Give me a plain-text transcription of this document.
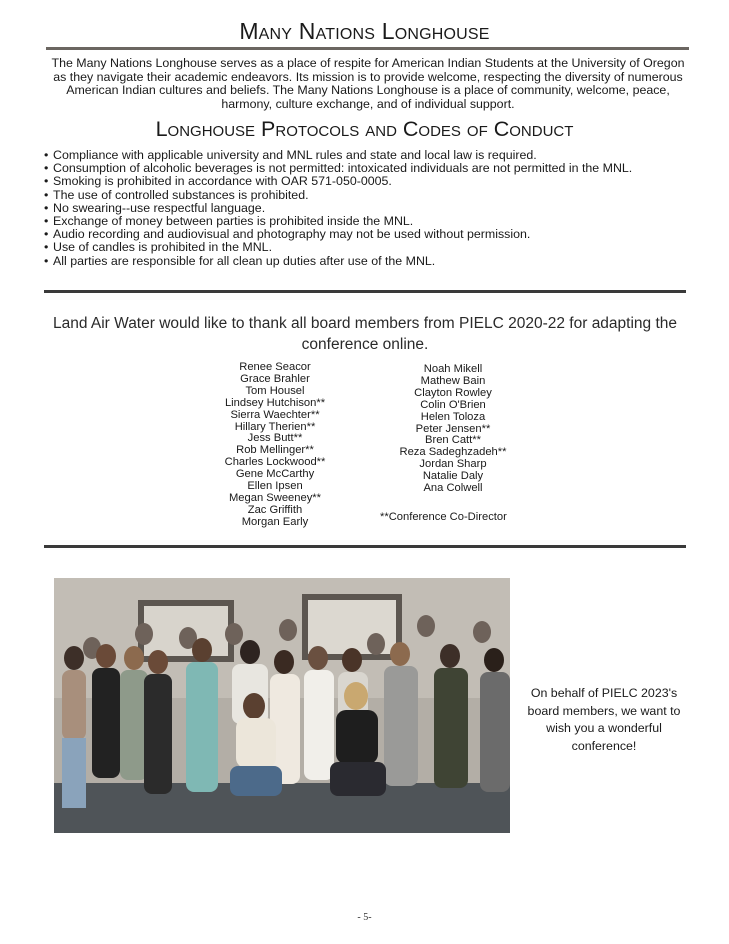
Many Nations Longhouse
The Many Nations Longhouse serves as a place of respite for American Indian Students at the University of Oregon as they navigate their academic endeavors. Its mission is to provide welcome, respecting the diversity of numerous American Indian cultures and beliefs. The Many Nations Longhouse is a place of community, welcome, peace, harmony, culture exchange, and of individual support.
Longhouse Protocols and Codes of Conduct
• Compliance with applicable university and MNL rules and state and local law is required.
• Consumption of alcoholic beverages is not permitted: intoxicated individuals are not permitted in the MNL.
• Smoking is prohibited in accordance with OAR 571-050-0005.
• The use of controlled substances is prohibited.
• No swearing--use respectful language.
• Exchange of money between parties is prohibited inside the MNL.
• Audio recording and audiovisual and photography may not be used without permission.
• Use of candles is prohibited in the MNL.
• All parties are responsible for all clean up duties after use of the MNL.
Land Air Water would like to thank all board members from PIELC 2020-22 for adapting the conference online.
Renee Seacor
Grace Brahler
Tom Housel
Lindsey Hutchison**
Sierra Waechter**
Hillary Therien**
Jess Butt**
Rob Mellinger**
Charles Lockwood**
Gene McCarthy
Ellen Ipsen
Megan Sweeney**
Zac Griffith
Morgan Early
Noah Mikell
Mathew Bain
Clayton Rowley
Colin O'Brien
Helen Toloza
Peter Jensen**
Bren Catt**
Reza Sadeghzadeh**
Jordan Sharp
Natalie Daly
Ana Colwell
**Conference Co-Director
On behalf of PIELC 2023's board members, we want to wish you a wonderful conference!
- 5-
